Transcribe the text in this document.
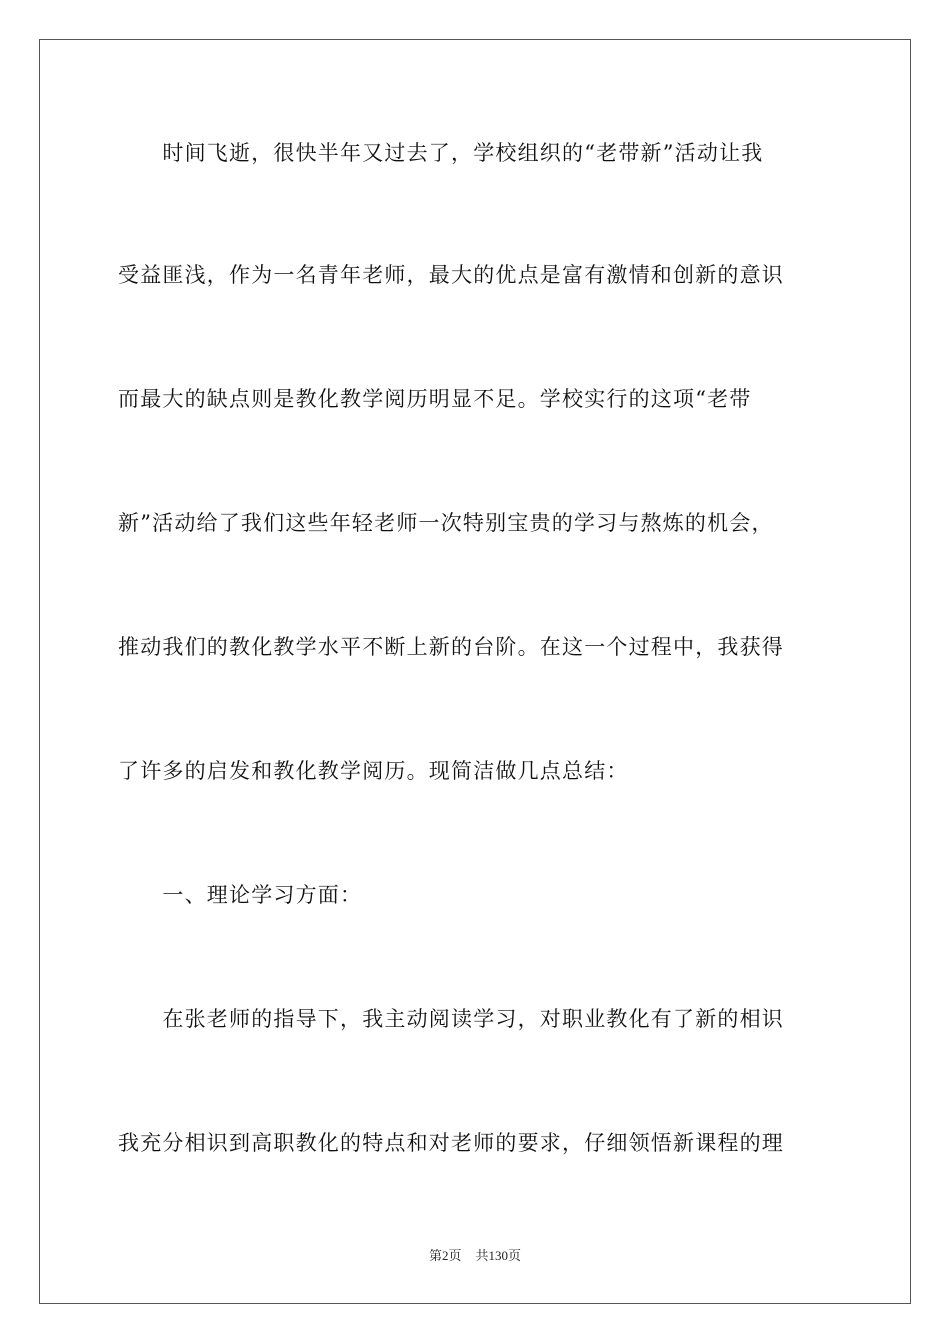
　　时间飞逝，很快半年又过去了，学校组织的“老带新”活动让我
受益匪浅，作为一名青年老师，最大的优点是富有激情和创新的意识
而最大的缺点则是教化教学阅历明显不足。学校实行的这项“老带
新”活动给了我们这些年轻老师一次特别宝贵的学习与熬炼的机会，
推动我们的教化教学水平不断上新的台阶。在这一个过程中，我获得
了许多的启发和教化教学阅历。现简洁做几点总结：
　　一、理论学习方面：
　　在张老师的指导下，我主动阅读学习，对职业教化有了新的相识
我充分相识到高职教化的特点和对老师的要求，仔细领悟新课程的理
第2页 共130页
